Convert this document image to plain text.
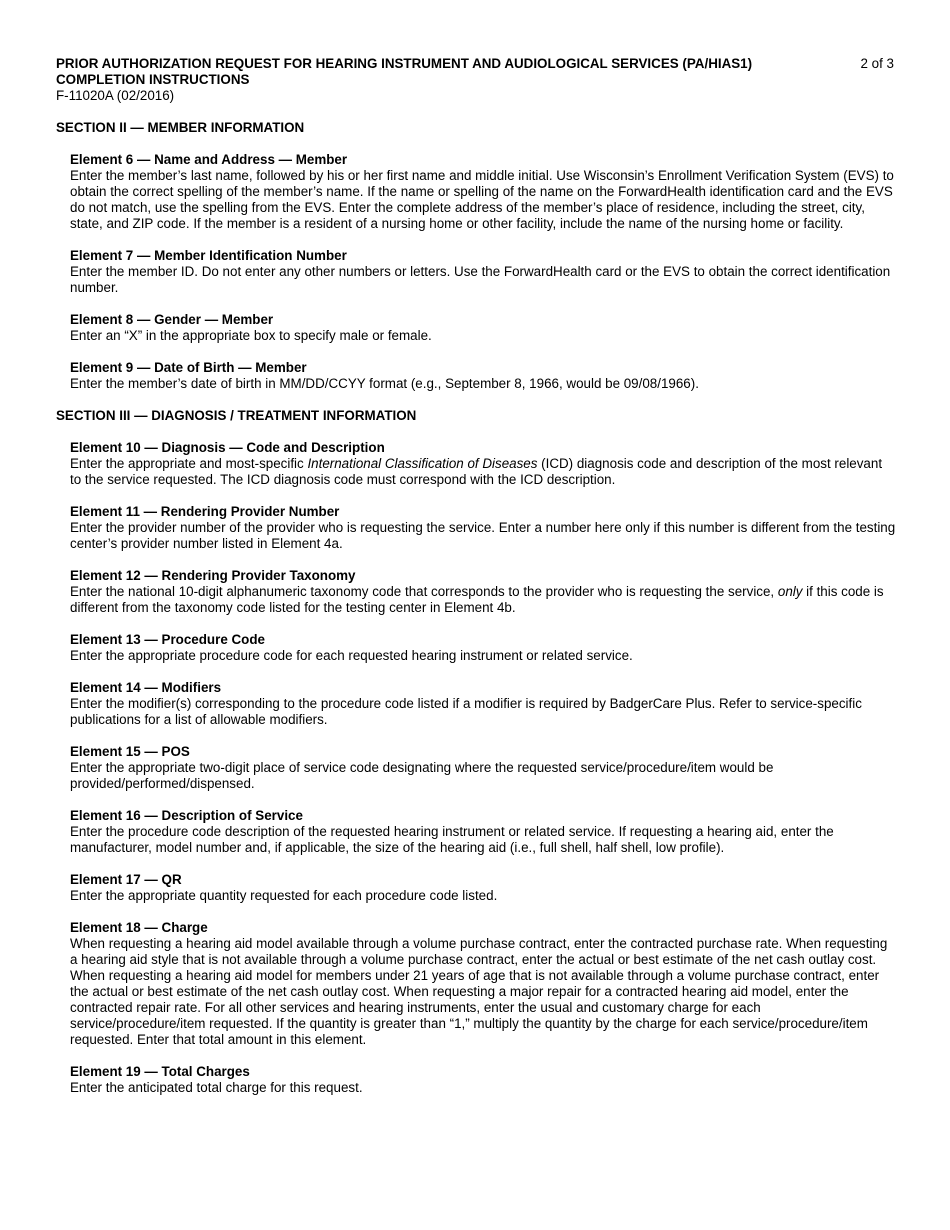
PRIOR AUTHORIZATION REQUEST FOR HEARING INSTRUMENT AND AUDIOLOGICAL SERVICES (PA/HIAS1)
COMPLETION INSTRUCTIONS
2 of 3
F-11020A (02/2016)
SECTION II — MEMBER INFORMATION
Element 6 — Name and Address — Member
Enter the member’s last name, followed by his or her first name and middle initial. Use Wisconsin’s Enrollment Verification System (EVS) to obtain the correct spelling of the member’s name. If the name or spelling of the name on the ForwardHealth identification card and the EVS do not match, use the spelling from the EVS. Enter the complete address of the member’s place of residence, including the street, city, state, and ZIP code. If the member is a resident of a nursing home or other facility, include the name of the nursing home or facility.
Element 7 — Member Identification Number
Enter the member ID. Do not enter any other numbers or letters. Use the ForwardHealth card or the EVS to obtain the correct identification number.
Element 8 — Gender — Member
Enter an “X” in the appropriate box to specify male or female.
Element 9 — Date of Birth — Member
Enter the member’s date of birth in MM/DD/CCYY format (e.g., September 8, 1966, would be 09/08/1966).
SECTION III — DIAGNOSIS / TREATMENT INFORMATION
Element 10 — Diagnosis — Code and Description
Enter the appropriate and most-specific International Classification of Diseases (ICD) diagnosis code and description of the most relevant to the service requested. The ICD diagnosis code must correspond with the ICD description.
Element 11 — Rendering Provider Number
Enter the provider number of the provider who is requesting the service. Enter a number here only if this number is different from the testing center’s provider number listed in Element 4a.
Element 12 — Rendering Provider Taxonomy
Enter the national 10-digit alphanumeric taxonomy code that corresponds to the provider who is requesting the service, only if this code is different from the taxonomy code listed for the testing center in Element 4b.
Element 13 — Procedure Code
Enter the appropriate procedure code for each requested hearing instrument or related service.
Element 14 — Modifiers
Enter the modifier(s) corresponding to the procedure code listed if a modifier is required by BadgerCare Plus. Refer to service-specific publications for a list of allowable modifiers.
Element 15 — POS
Enter the appropriate two-digit place of service code designating where the requested service/procedure/item would be provided/performed/dispensed.
Element 16 — Description of Service
Enter the procedure code description of the requested hearing instrument or related service. If requesting a hearing aid, enter the manufacturer, model number and, if applicable, the size of the hearing aid (i.e., full shell, half shell, low profile).
Element 17 — QR
Enter the appropriate quantity requested for each procedure code listed.
Element 18 — Charge
When requesting a hearing aid model available through a volume purchase contract, enter the contracted purchase rate. When requesting a hearing aid style that is not available through a volume purchase contract, enter the actual or best estimate of the net cash outlay cost. When requesting a hearing aid model for members under 21 years of age that is not available through a volume purchase contract, enter the actual or best estimate of the net cash outlay cost. When requesting a major repair for a contracted hearing aid model, enter the contracted repair rate. For all other services and hearing instruments, enter the usual and customary charge for each service/procedure/item requested. If the quantity is greater than “1,” multiply the quantity by the charge for each service/procedure/item requested. Enter that total amount in this element.
Element 19 — Total Charges
Enter the anticipated total charge for this request.
